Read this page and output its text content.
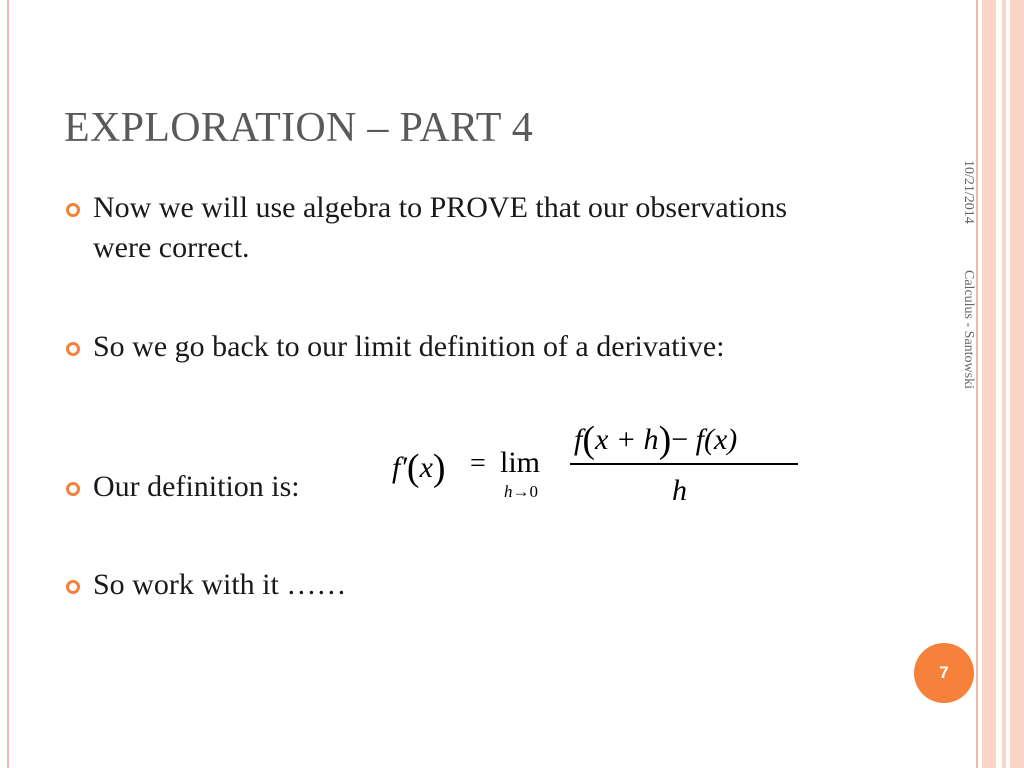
EXPLORATION – PART 4
Now we will use algebra to PROVE that our observations were correct.
So we go back to our limit definition of a derivative:
Our definition is:
So work with it ……
f′(x) = lim
h→0
f(x + h)− f(x)
h
10/21/2014
Calculus - Santowski
7
